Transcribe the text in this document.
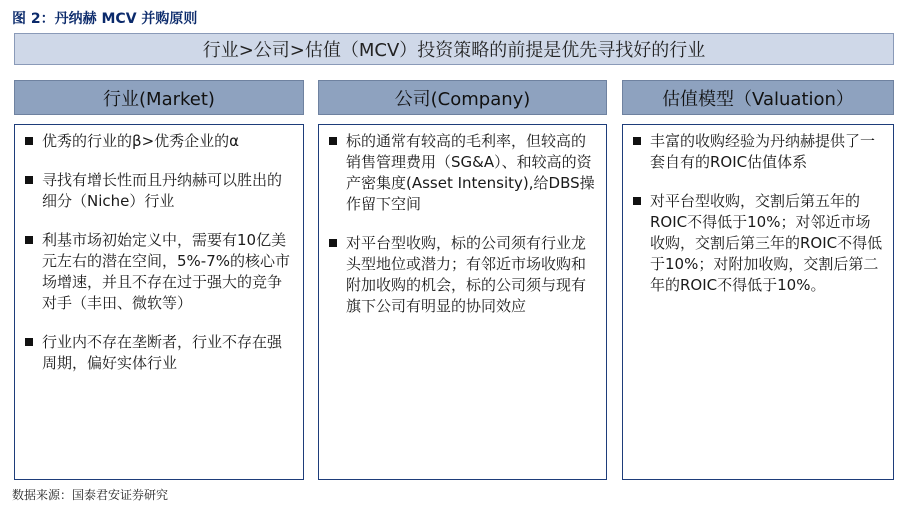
图 2：丹纳赫 MCV 并购原则
行业>公司>估值（MCV）投资策略的前提是优先寻找好的行业
行业(Market)
优秀的行业的β>优秀企业的α
寻找有增长性而且丹纳赫可以胜出的细分（Niche）行业
利基市场初始定义中，需要有10亿美元左右的潜在空间，5%-7%的核心市场增速，并且不存在过于强大的竞争对手（丰田、微软等）
行业内不存在垄断者，行业不存在强周期，偏好实体行业
公司(Company)
标的通常有较高的毛利率，但较高的销售管理费用（SG&A）、和较高的资产密集度(Asset Intensity),给DBS操作留下空间
对平台型收购，标的公司须有行业龙头型地位或潜力；有邻近市场收购和附加收购的机会，标的公司须与现有旗下公司有明显的协同效应
估值模型（Valuation）
丰富的收购经验为丹纳赫提供了一套自有的ROIC估值体系
对平台型收购，交割后第五年的ROIC不得低于10%；对邻近市场收购，交割后第三年的ROIC不得低于10%；对附加收购，交割后第二年的ROIC不得低于10%。
数据来源：国泰君安证券研究
